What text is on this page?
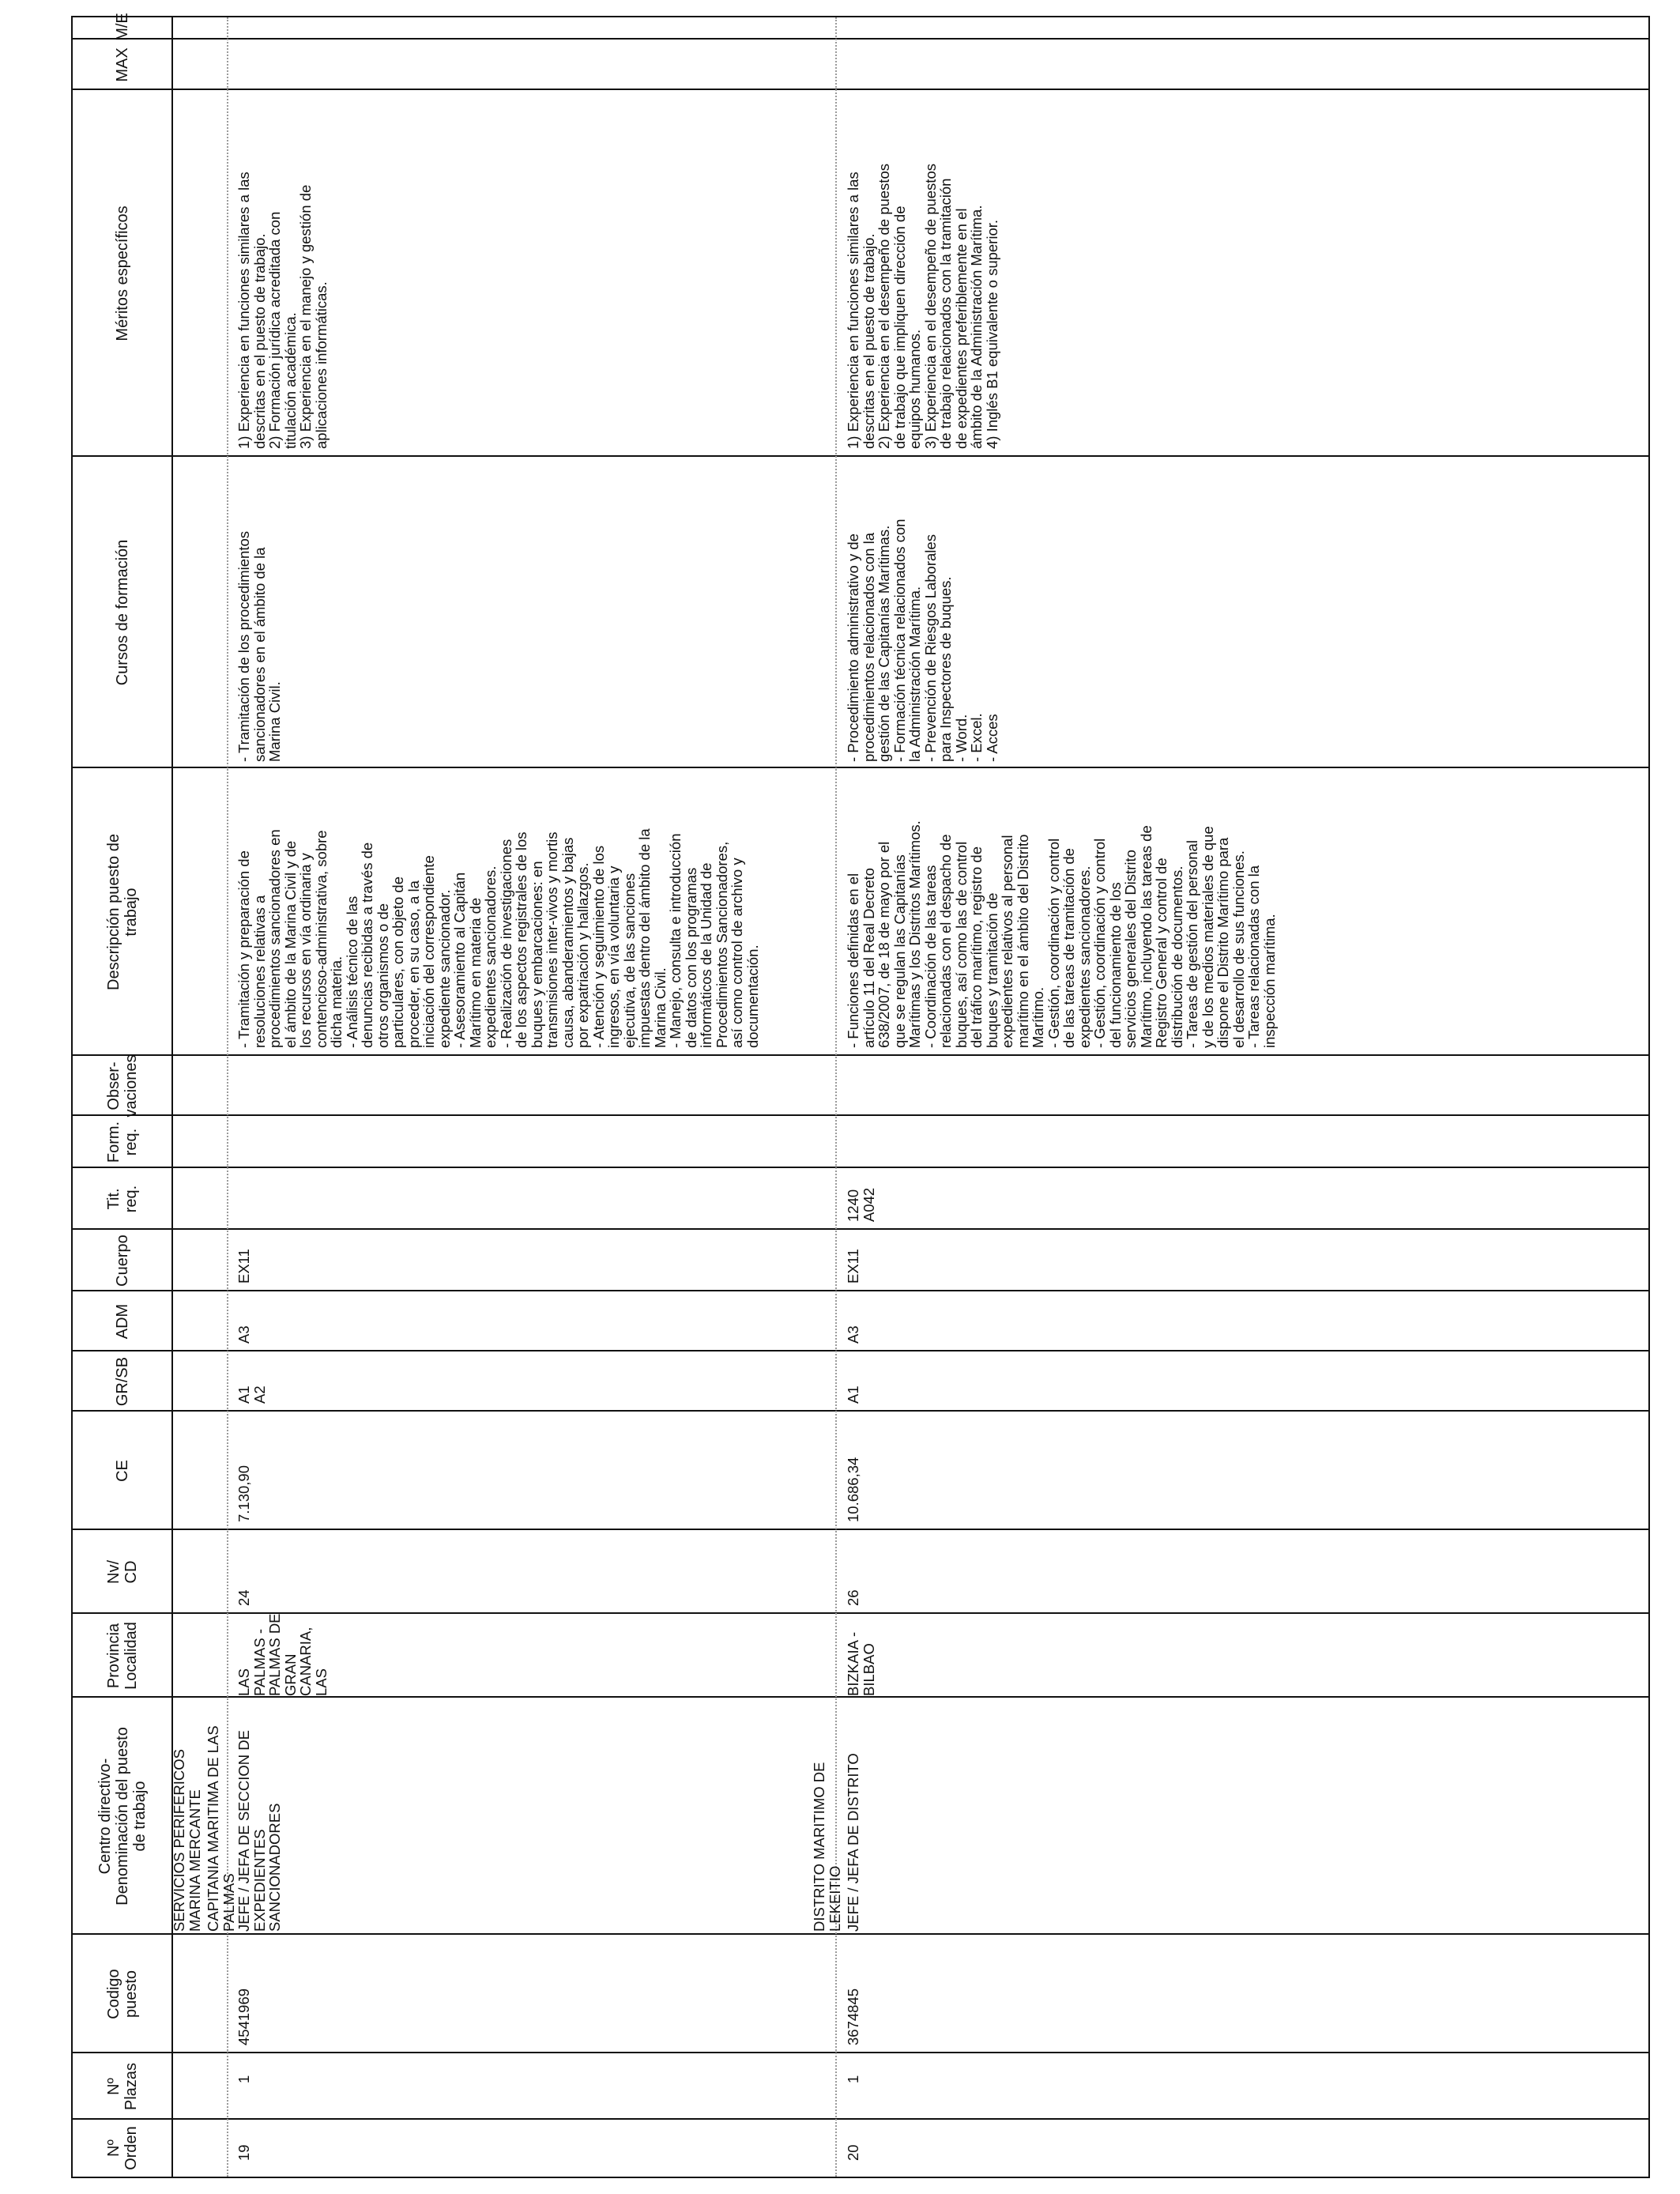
Nº
Orden
Nº
Plazas
Codigo
puesto
Centro directivo-
Denominación del puesto
de trabajo
Provincia
Localidad
Nv/
CD
CE
GR/SB
ADM
Cuerpo
Tit.
req.
Form.
req.
Obser-
vaciones
Descripción puesto de
trabajo
Cursos de formación
Méritos específicos
MAX
M/E
SERVICIOS PERIFERICOS
MARINA MERCANTE
CAPITANIA MARITIMA DE LAS
PALMAS
19
1
4541969
JEFE / JEFA DE SECCION DE
EXPEDIENTES
SANCIONADORES
LAS PALMAS -
PALMAS DE
GRAN
CANARIA, LAS
24
7.130,90
A1
A2
A3
EX11
- Tramitación y preparación de
resoluciones relativas a
procedimientos sancionadores en
el ámbito de la Marina Civil y de
los recursos en vía ordinaria y
contencioso-administrativa, sobre
dicha materia.
- Análisis técnico de las
denuncias recibidas a través de
otros organismos o de
particulares, con objeto de
proceder, en su caso, a la
iniciación del correspondiente
expediente sancionador.
- Asesoramiento al Capitán
Marítimo en materia de
expedientes sancionadores.
- Realización de investigaciones
de los aspectos registrales de los
buques y embarcaciones: en
transmisiones inter-vivos y mortis
causa, abanderamientos y bajas
por expatriación y hallazgos.
- Atención y seguimiento de los
ingresos, en vía voluntaria y
ejecutiva, de las sanciones
impuestas dentro del ámbito de la
Marina Civil.
- Manejo, consulta e introducción
de datos con los programas
informáticos de la Unidad de
Procedimientos Sancionadores,
así como control de archivo y
documentación.
- Tramitación de los procedimientos
sancionadores en el ámbito de la
Marina Civil.
1) Experiencia en funciones similares a las
descritas en el puesto de trabajo.
2) Formación jurídica acreditada con
titulación académica.
3) Experiencia en el manejo y gestión de
aplicaciones informáticas.
DISTRITO MARITIMO DE
LEKEITIO
20
1
3674845
JEFE / JEFA DE DISTRITO
BIZKAIA -
BILBAO
26
10.686,34
A1
A3
EX11
1240
A042
- Funciones definidas en el
artículo 11 del Real Decreto
638/2007, de 18 de mayo por el
que se regulan las Capitanías
Marítimas y los Distritos Marítimos.
- Coordinación de las tareas
relacionadas con el despacho de
buques, así como las de control
del tráfico marítimo, registro de
buques y tramitación de
expedientes relativos al personal
marítimo en el ámbito del Distrito
Marítimo.
- Gestión, coordinación y control
de las tareas de tramitación de
expedientes sancionadores.
- Gestión, coordinación y control
del funcionamiento de los
servicios generales del Distrito
Marítimo, incluyendo las tareas de
Registro General y control de
distribución de documentos.
- Tareas de gestión del personal
y de los medios materiales de que
dispone el Distrito Marítimo para
el desarrollo de sus funciones.
- Tareas relacionadas con la
inspección marítima.
- Procedimiento administrativo y de
procedimientos relacionados con la
gestión de las Capitanías Marítimas.
- Formación técnica relacionados con
la Administración Marítima.
- Prevención de Riesgos Laborales
para Inspectores de buques.
- Word.
- Excel.
- Acces
1) Experiencia en funciones similares a las
descritas en el puesto de trabajo.
2) Experiencia en el desempeño de puestos
de trabajo que impliquen dirección de
equipos humanos.
3) Experiencia en el desempeño de puestos
de trabajo relacionados con la tramitación
de expedientes preferiblemente en el
ámbito de la Administración Marítima.
4) Inglés B1 equivalente o superior.
